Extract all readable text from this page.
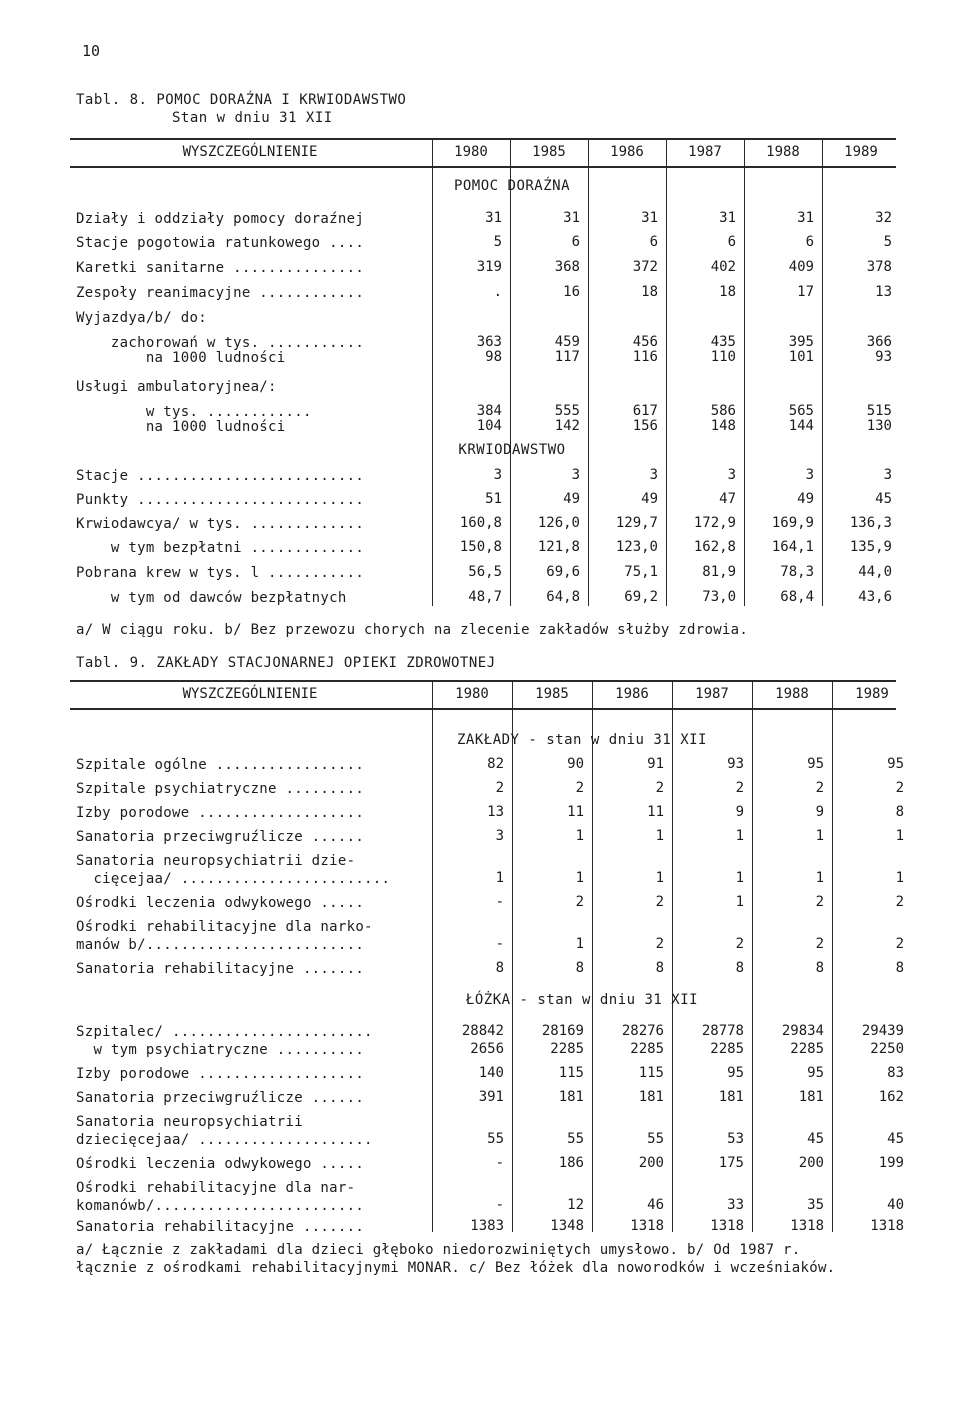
10
Tabl. 8. POMOC DORAŹNA I KRWIODAWSTWO
Stan w dniu 31 XII
WYSZCZEGÓLNIENIE	1980	1985	1986	1987	1988	1989
POMOC DORAŹNA
Działy i oddziały pomocy doraźnej	31	31	31	31	31	32
Stacje pogotowia ratunkowego ....	5	6	6	6	6	5
Karetki sanitarne ...............	319	368	372	402	409	378
Zespoły reanimacyjne ............	.	16	18	18	17	13
Wyjazdya/b/ do:
zachorowań w tys. ...........	363	459	456	435	395	366
na 1000 ludności	98	117	116	110	101	93
Usługi ambulatoryjnea/:
w tys. ............	384	555	617	586	565	515
na 1000 ludności	104	142	156	148	144	130
KRWIODAWSTWO
Stacje ..........................	3	3	3	3	3	3
Punkty ..........................	51	49	49	47	49	45
Krwiodawcya/ w tys. .............	160,8	126,0	129,7	172,9	169,9	136,3
w tym bezpłatni .............	150,8	121,8	123,0	162,8	164,1	135,9
Pobrana krew w tys. l ...........	56,5	69,6	75,1	81,9	78,3	44,0
w tym od dawców bezpłatnych	48,7	64,8	69,2	73,0	68,4	43,6
a/ W ciągu roku. b/ Bez przewozu chorych na zlecenie zakładów służby zdrowia.
Tabl. 9. ZAKŁADY STACJONARNEJ OPIEKI ZDROWOTNEJ
WYSZCZEGÓLNIENIE	1980	1985	1986	1987	1988	1989
ZAKŁADY - stan w dniu 31 XII
Szpitale ogólne .................	82	90	91	93	95	95
Szpitale psychiatryczne .........	2	2	2	2	2	2
Izby porodowe ...................	13	11	11	9	9	8
Sanatoria przeciwgruźlicze ......	3	1	1	1	1	1
Sanatoria neuropsychiatrii dzie-
cięcejaa/ ........................	1	1	1	1	1	1
Ośrodki leczenia odwykowego .....	-	2	2	1	2	2
Ośrodki rehabilitacyjne dla narko-
manów b/.........................	-	1	2	2	2	2
Sanatoria rehabilitacyjne .......	8	8	8	8	8	8
ŁÓŻKA - stan w dniu 31 XII
Szpitalec/ .......................	28842	28169	28276	28778	29834	29439
w tym psychiatryczne ..........	2656	2285	2285	2285	2285	2250
Izby porodowe ...................	140	115	115	95	95	83
Sanatoria przeciwgruźlicze ......	391	181	181	181	181	162
Sanatoria neuropsychiatrii
dziecięcejaa/ ....................	55	55	55	53	45	45
Ośrodki leczenia odwykowego .....	-	186	200	175	200	199
Ośrodki rehabilitacyjne dla nar-
komanówb/........................	-	12	46	33	35	40
Sanatoria rehabilitacyjne .......	1383	1348	1318	1318	1318	1318
a/ Łącznie z zakładami dla dzieci głęboko niedorozwiniętych umysłowo. b/ Od 1987 r.
łącznie z ośrodkami rehabilitacyjnymi MONAR. c/ Bez łóżek dla noworodków i wcześniaków.
